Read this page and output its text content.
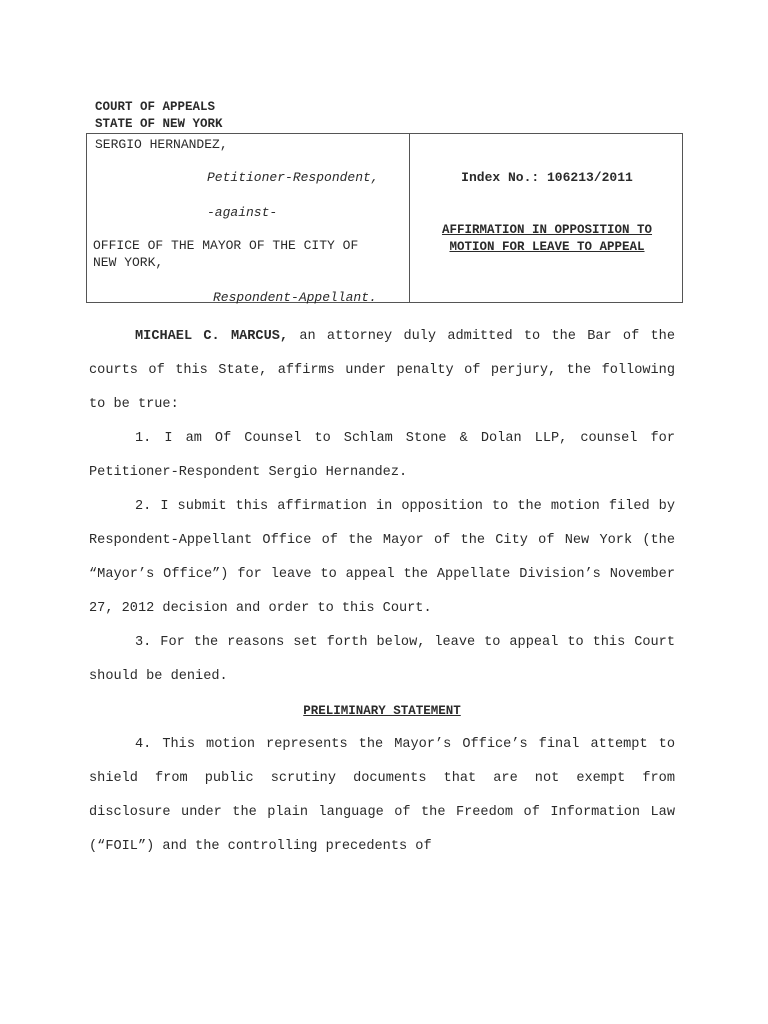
COURT OF APPEALS
STATE OF NEW YORK
SERGIO HERNANDEZ,
Petitioner-Respondent,
-against-
OFFICE OF THE MAYOR OF THE CITY OF
NEW YORK,
Respondent-Appellant.
Index No.: 106213/2011
AFFIRMATION IN OPPOSITION TO
MOTION FOR LEAVE TO APPEAL

MICHAEL C. MARCUS, an attorney duly admitted to the Bar of the courts of this State, affirms under penalty of perjury, the following to be true:

1. I am Of Counsel to Schlam Stone & Dolan LLP, counsel for Petitioner-Respondent Sergio Hernandez.

2. I submit this affirmation in opposition to the motion filed by Respondent-Appellant Office of the Mayor of the City of New York (the “Mayor’s Office”) for leave to appeal the Appellate Division’s November 27, 2012 decision and order to this Court.

3. For the reasons set forth below, leave to appeal to this Court should be denied.

PRELIMINARY STATEMENT

4. This motion represents the Mayor’s Office’s final attempt to shield from public scrutiny documents that are not exempt from disclosure under the plain language of the Freedom of Information Law (“FOIL”) and the controlling precedents of
